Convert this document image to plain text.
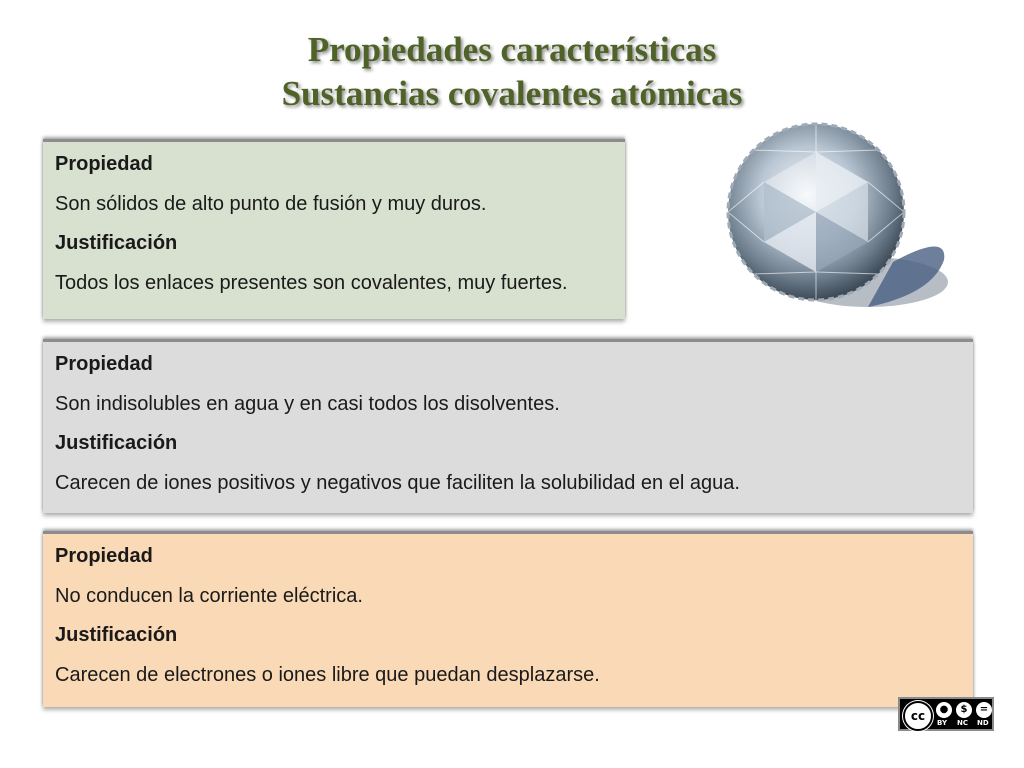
Propiedades características
Sustancias covalentes atómicas
Propiedad
Son sólidos de alto punto de fusión y muy duros.
Justificación
Todos los enlaces presentes son covalentes, muy fuertes.
Propiedad
Son indisolubles en agua y en casi todos los disolventes.
Justificación
Carecen de iones positivos y negativos que faciliten la solubilidad en el agua.
Propiedad
No conducen la corriente eléctrica.
Justificación
Carecen de electrones o iones libre que puedan desplazarse.
cc	●	$	=
BY NC ND
